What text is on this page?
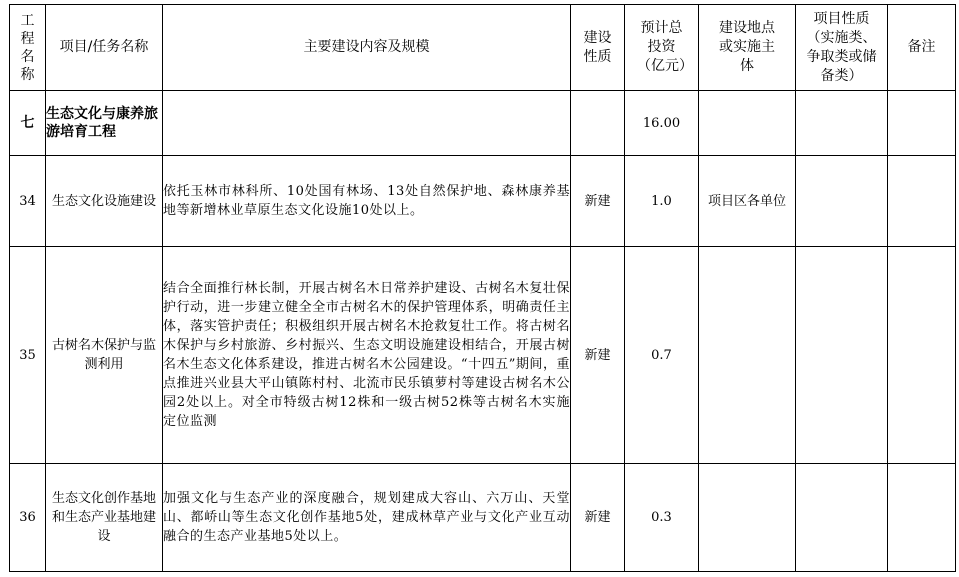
工程名称	项目/任务名称	主要建设内容及规模	建设性质	预计总投资（亿元）	建设地点或实施主体	项目性质（实施类、争取类或储备类）	备注
七	生态文化与康养旅游培育工程			16.00			
34	生态文化设施建设	依托玉林市林科所、10处国有林场、13处自然保护地、森林康养基地等新增林业草原生态文化设施10处以上。	新建	1.0	项目区各单位		
35	古树名木保护与监测利用	结合全面推行林长制，开展古树名木日常养护建设、古树名木复壮保护行动，进一步建立健全全市古树名木的保护管理体系，明确责任主体，落实管护责任；积极组织开展古树名木抢救复壮工作。将古树名木保护与乡村旅游、乡村振兴、生态文明设施建设相结合，开展古树名木生态文化体系建设，推进古树名木公园建设。“十四五”期间，重点推进兴业县大平山镇陈村村、北流市民乐镇萝村等建设古树名木公园2处以上。对全市特级古树12株和一级古树52株等古树名木实施定位监测	新建	0.7			
36	生态文化创作基地和生态产业基地建设	加强文化与生态产业的深度融合，规划建成大容山、六万山、天堂山、都峤山等生态文化创作基地5处，建成林草产业与文化产业互动融合的生态产业基地5处以上。	新建	0.3			
